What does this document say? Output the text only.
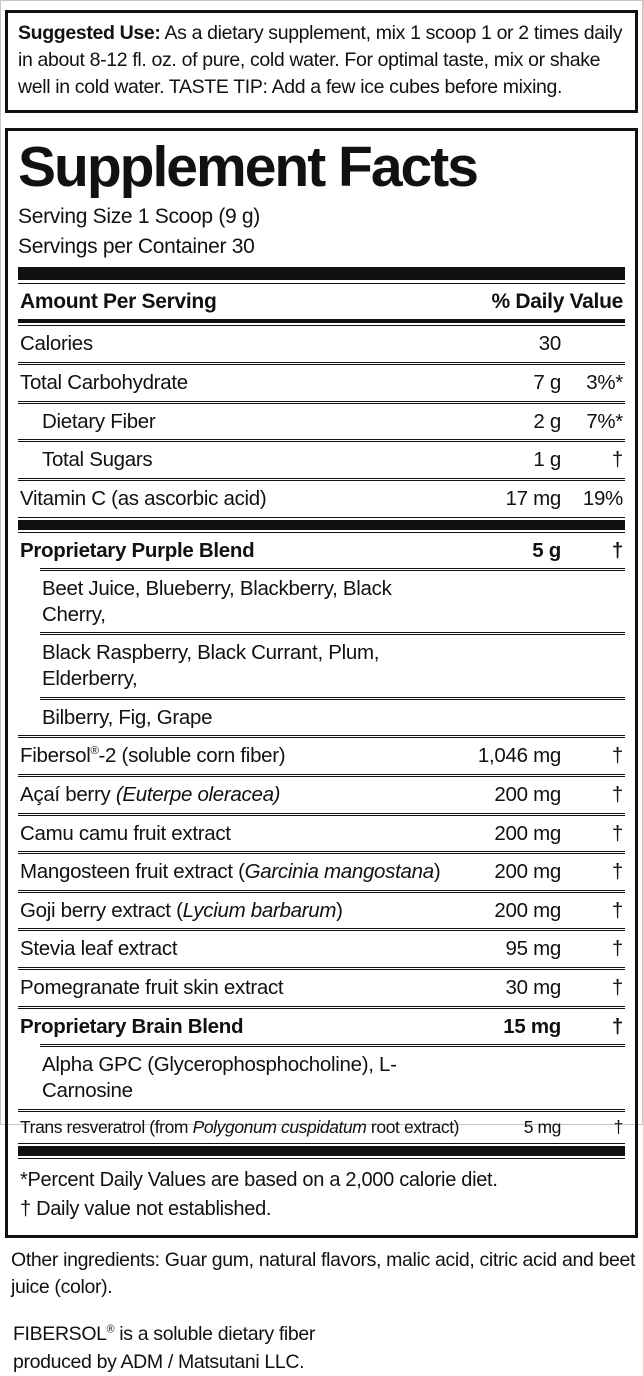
Suggested Use: As a dietary supplement, mix 1 scoop 1 or 2 times daily in about 8-12 fl. oz. of pure, cold water. For optimal taste, mix or shake well in cold water. TASTE TIP: Add a few ice cubes before mixing.
Supplement Facts
Serving Size 1 Scoop (9 g)
Servings per Container 30
Amount Per Serving	% Daily Value
Calories	30
Total Carbohydrate	7 g	3%*
Dietary Fiber	2 g	7%*
Total Sugars	1 g	†
Vitamin C (as ascorbic acid)	17 mg	19%
Proprietary Purple Blend	5 g	†
Beet Juice, Blueberry, Blackberry, Black Cherry,
Black Raspberry, Black Currant, Plum, Elderberry,
Bilberry, Fig, Grape
Fibersol®-2 (soluble corn fiber)	1,046 mg	†
Açaí berry (Euterpe oleracea)	200 mg	†
Camu camu fruit extract	200 mg	†
Mangosteen fruit extract (Garcinia mangostana)	200 mg	†
Goji berry extract (Lycium barbarum)	200 mg	†
Stevia leaf extract	95 mg	†
Pomegranate fruit skin extract	30 mg	†
Proprietary Brain Blend	15 mg	†
Alpha GPC (Glycerophosphocholine), L-Carnosine
Trans resveratrol (from Polygonum cuspidatum root extract)	5 mg	†
*Percent Daily Values are based on a 2,000 calorie diet.
† Daily value not established.
Other ingredients: Guar gum, natural flavors, malic acid, citric acid and beet juice (color).
FIBERSOL® is a soluble dietary fiber
produced by ADM / Matsutani LLC.
